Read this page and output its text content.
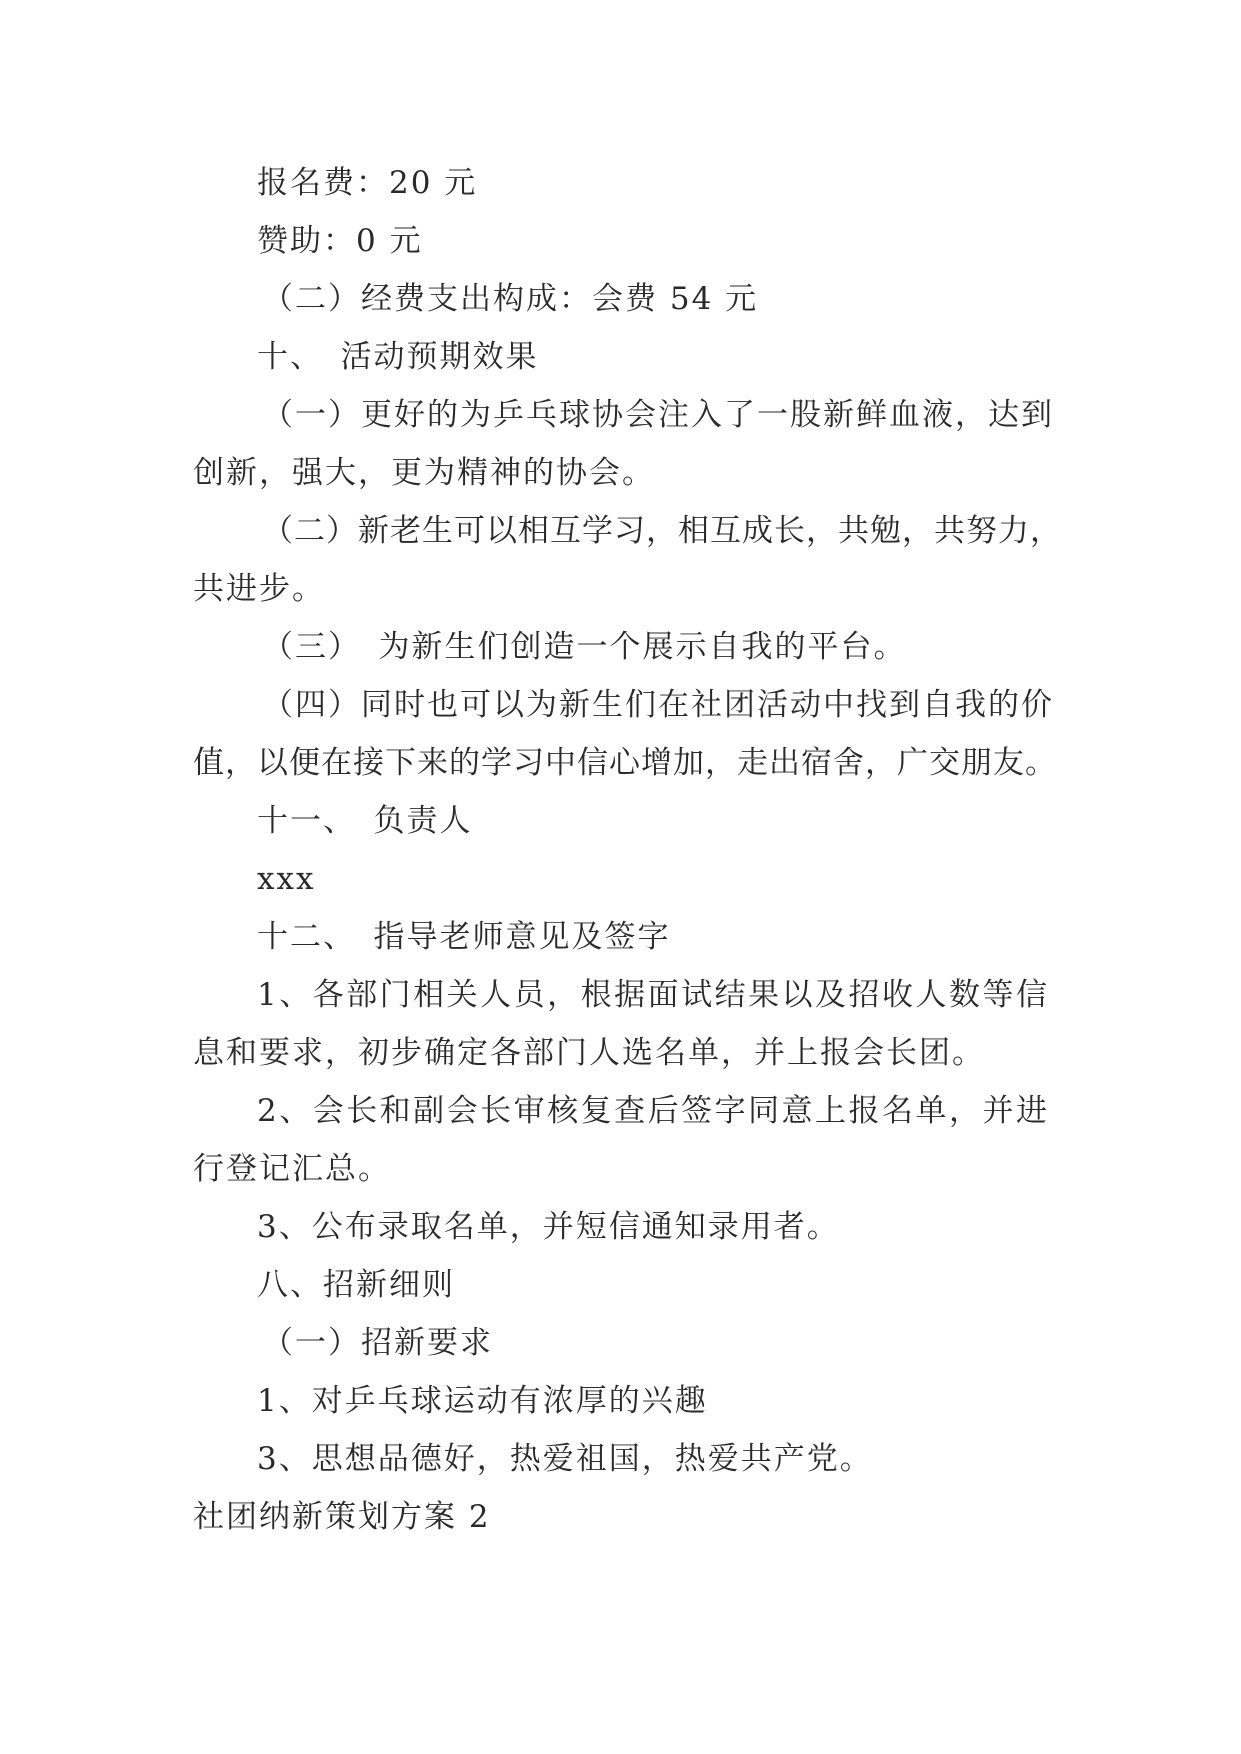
报名费：20 元
赞助：0 元
（二）经费支出构成：会费 54 元
十、　活动预期效果
（一）更好的为乒乓球协会注入了一股新鲜血液，达到
创新，强大，更为精神的协会。
（二）新老生可以相互学习，相互成长，共勉，共努力，
共进步。
（三）　为新生们创造一个展示自我的平台。
（四）同时也可以为新生们在社团活动中找到自我的价
值，以便在接下来的学习中信心增加，走出宿舍，广交朋友。
十一、　负责人
xxx
十二、　指导老师意见及签字
1、各部门相关人员，根据面试结果以及招收人数等信
息和要求，初步确定各部门人选名单，并上报会长团。
2、会长和副会长审核复查后签字同意上报名单，并进
行登记汇总。
3、公布录取名单，并短信通知录用者。
八、招新细则
（一）招新要求
1、对乒乓球运动有浓厚的兴趣
3、思想品德好，热爱祖国，热爱共产党。
社团纳新策划方案 2
